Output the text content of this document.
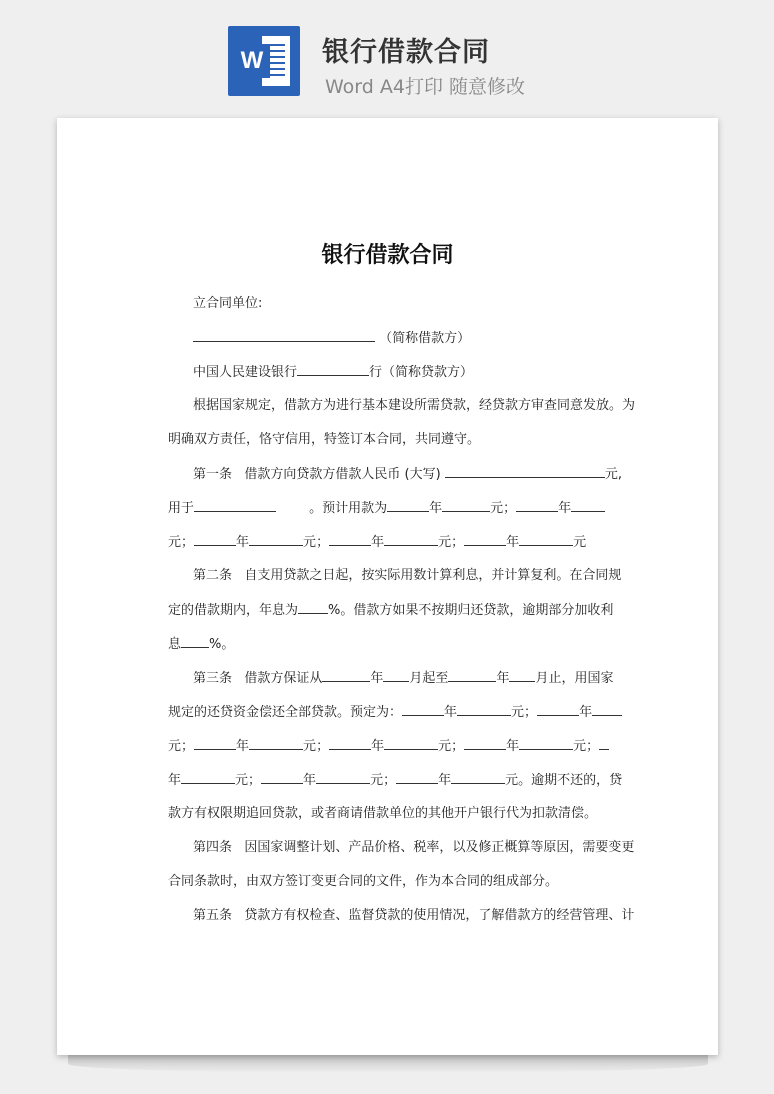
W 银行借款合同
Word A4打印 随意修改
银行借款合同
立合同单位:
（简称借款方）
中国人民建设银行	行（简称贷款方）
根据国家规定，借款方为进行基本建设所需贷款，经贷款方审查同意发放。为
明确双方责任，恪守信用，特签订本合同，共同遵守。
第一条   借款方向贷款方借款人民币 (大写)	元,
用于	。预计用款为	年	元；	年
元；	年	元；	年	元；	年	元
第二条   自支用贷款之日起，按实际用数计算利息，并计算复利。在合同规
定的借款期内，年息为 %。借款方如果不按期归还贷款，逾期部分加收利
息 %。
第三条   借款方保证从	年 月起至	年 月止，用国家
规定的还贷资金偿还全部贷款。预定为：	年	元；	年
元；	年	元；	年	元；	年	元；
年	元；	年	元；	年	元。逾期不还的，贷
款方有权限期追回贷款，或者商请借款单位的其他开户银行代为扣款清偿。
第四条   因国家调整计划、产品价格、税率，以及修正概算等原因，需要变更
合同条款时，由双方签订变更合同的文件，作为本合同的组成部分。
第五条   贷款方有权检查、监督贷款的使用情况，了解借款方的经营管理、计
